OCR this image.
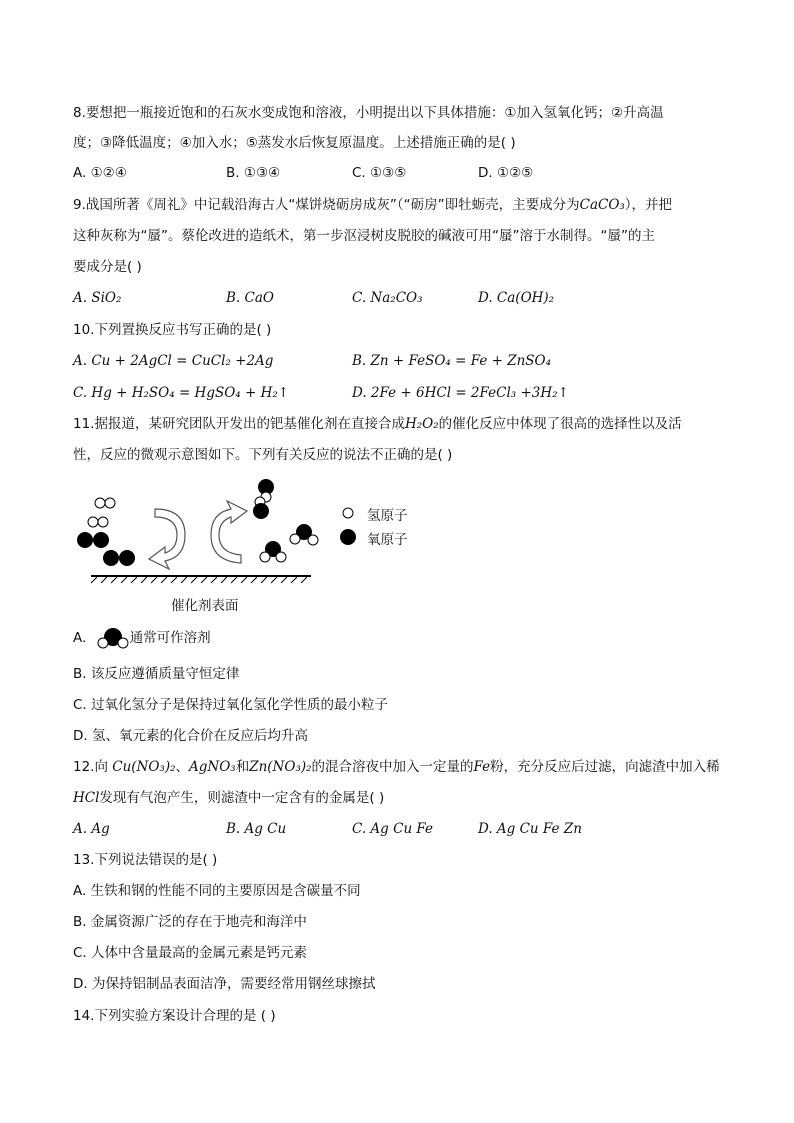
8.要想把一瓶接近饱和的石灰水变成饱和溶液，小明提出以下具体措施：①加入氢氧化钙；②升高温
度；③降低温度；④加入水；⑤蒸发水后恢复原温度。上述措施正确的是( )
A. ①②④	B. ①③④	C. ①③⑤	D. ①②⑤
9.战国所著《周礼》中记载沿海古人“煤饼烧砺房成灰”（“砺房”即牡蛎壳，主要成分为CaCO₃），并把
这种灰称为“蜃”。蔡伦改进的造纸术，第一步沤浸树皮脱胶的碱液可用“蜃”溶于水制得。“蜃”的主
要成分是( )
A. SiO₂	B. CaO	C. Na₂CO₃	D. Ca(OH)₂
10.下列置换反应书写正确的是( )
A. Cu + 2AgCl = CuCl₂ +2Ag	B. Zn + FeSO₄ = Fe + ZnSO₄
C. Hg + H₂SO₄ = HgSO₄ + H₂↑	D. 2Fe + 6HCl = 2FeCl₃ +3H₂↑
11.据报道，某研究团队开发出的钯基催化剂在直接合成H₂O₂的催化反应中体现了很高的选择性以及活
性，反应的微观示意图如下。下列有关反应的说法不正确的是( )
氢原子
氧原子
催化剂表面
A.	通常可作溶剂
B. 该反应遵循质量守恒定律
C. 过氧化氢分子是保持过氧化氢化学性质的最小粒子
D. 氢、氧元素的化合价在反应后均升高
12.向 Cu(NO₃)₂、AgNO₃和Zn(NO₃)₂的混合溶夜中加入一定量的Fe粉，充分反应后过滤，向滤渣中加入稀
HCl发现有气泡产生，则滤渣中一定含有的金属是( )
A. Ag	B. Ag Cu	C. Ag Cu Fe	D. Ag Cu Fe Zn
13.下列说法错误的是( )
A. 生铁和钢的性能不同的主要原因是含碳量不同
B. 金属资源广泛的存在于地壳和海洋中
C. 人体中含量最高的金属元素是钙元素
D. 为保持铝制品表面洁净，需要经常用钢丝球擦拭
14.下列实验方案设计合理的是 ( )
